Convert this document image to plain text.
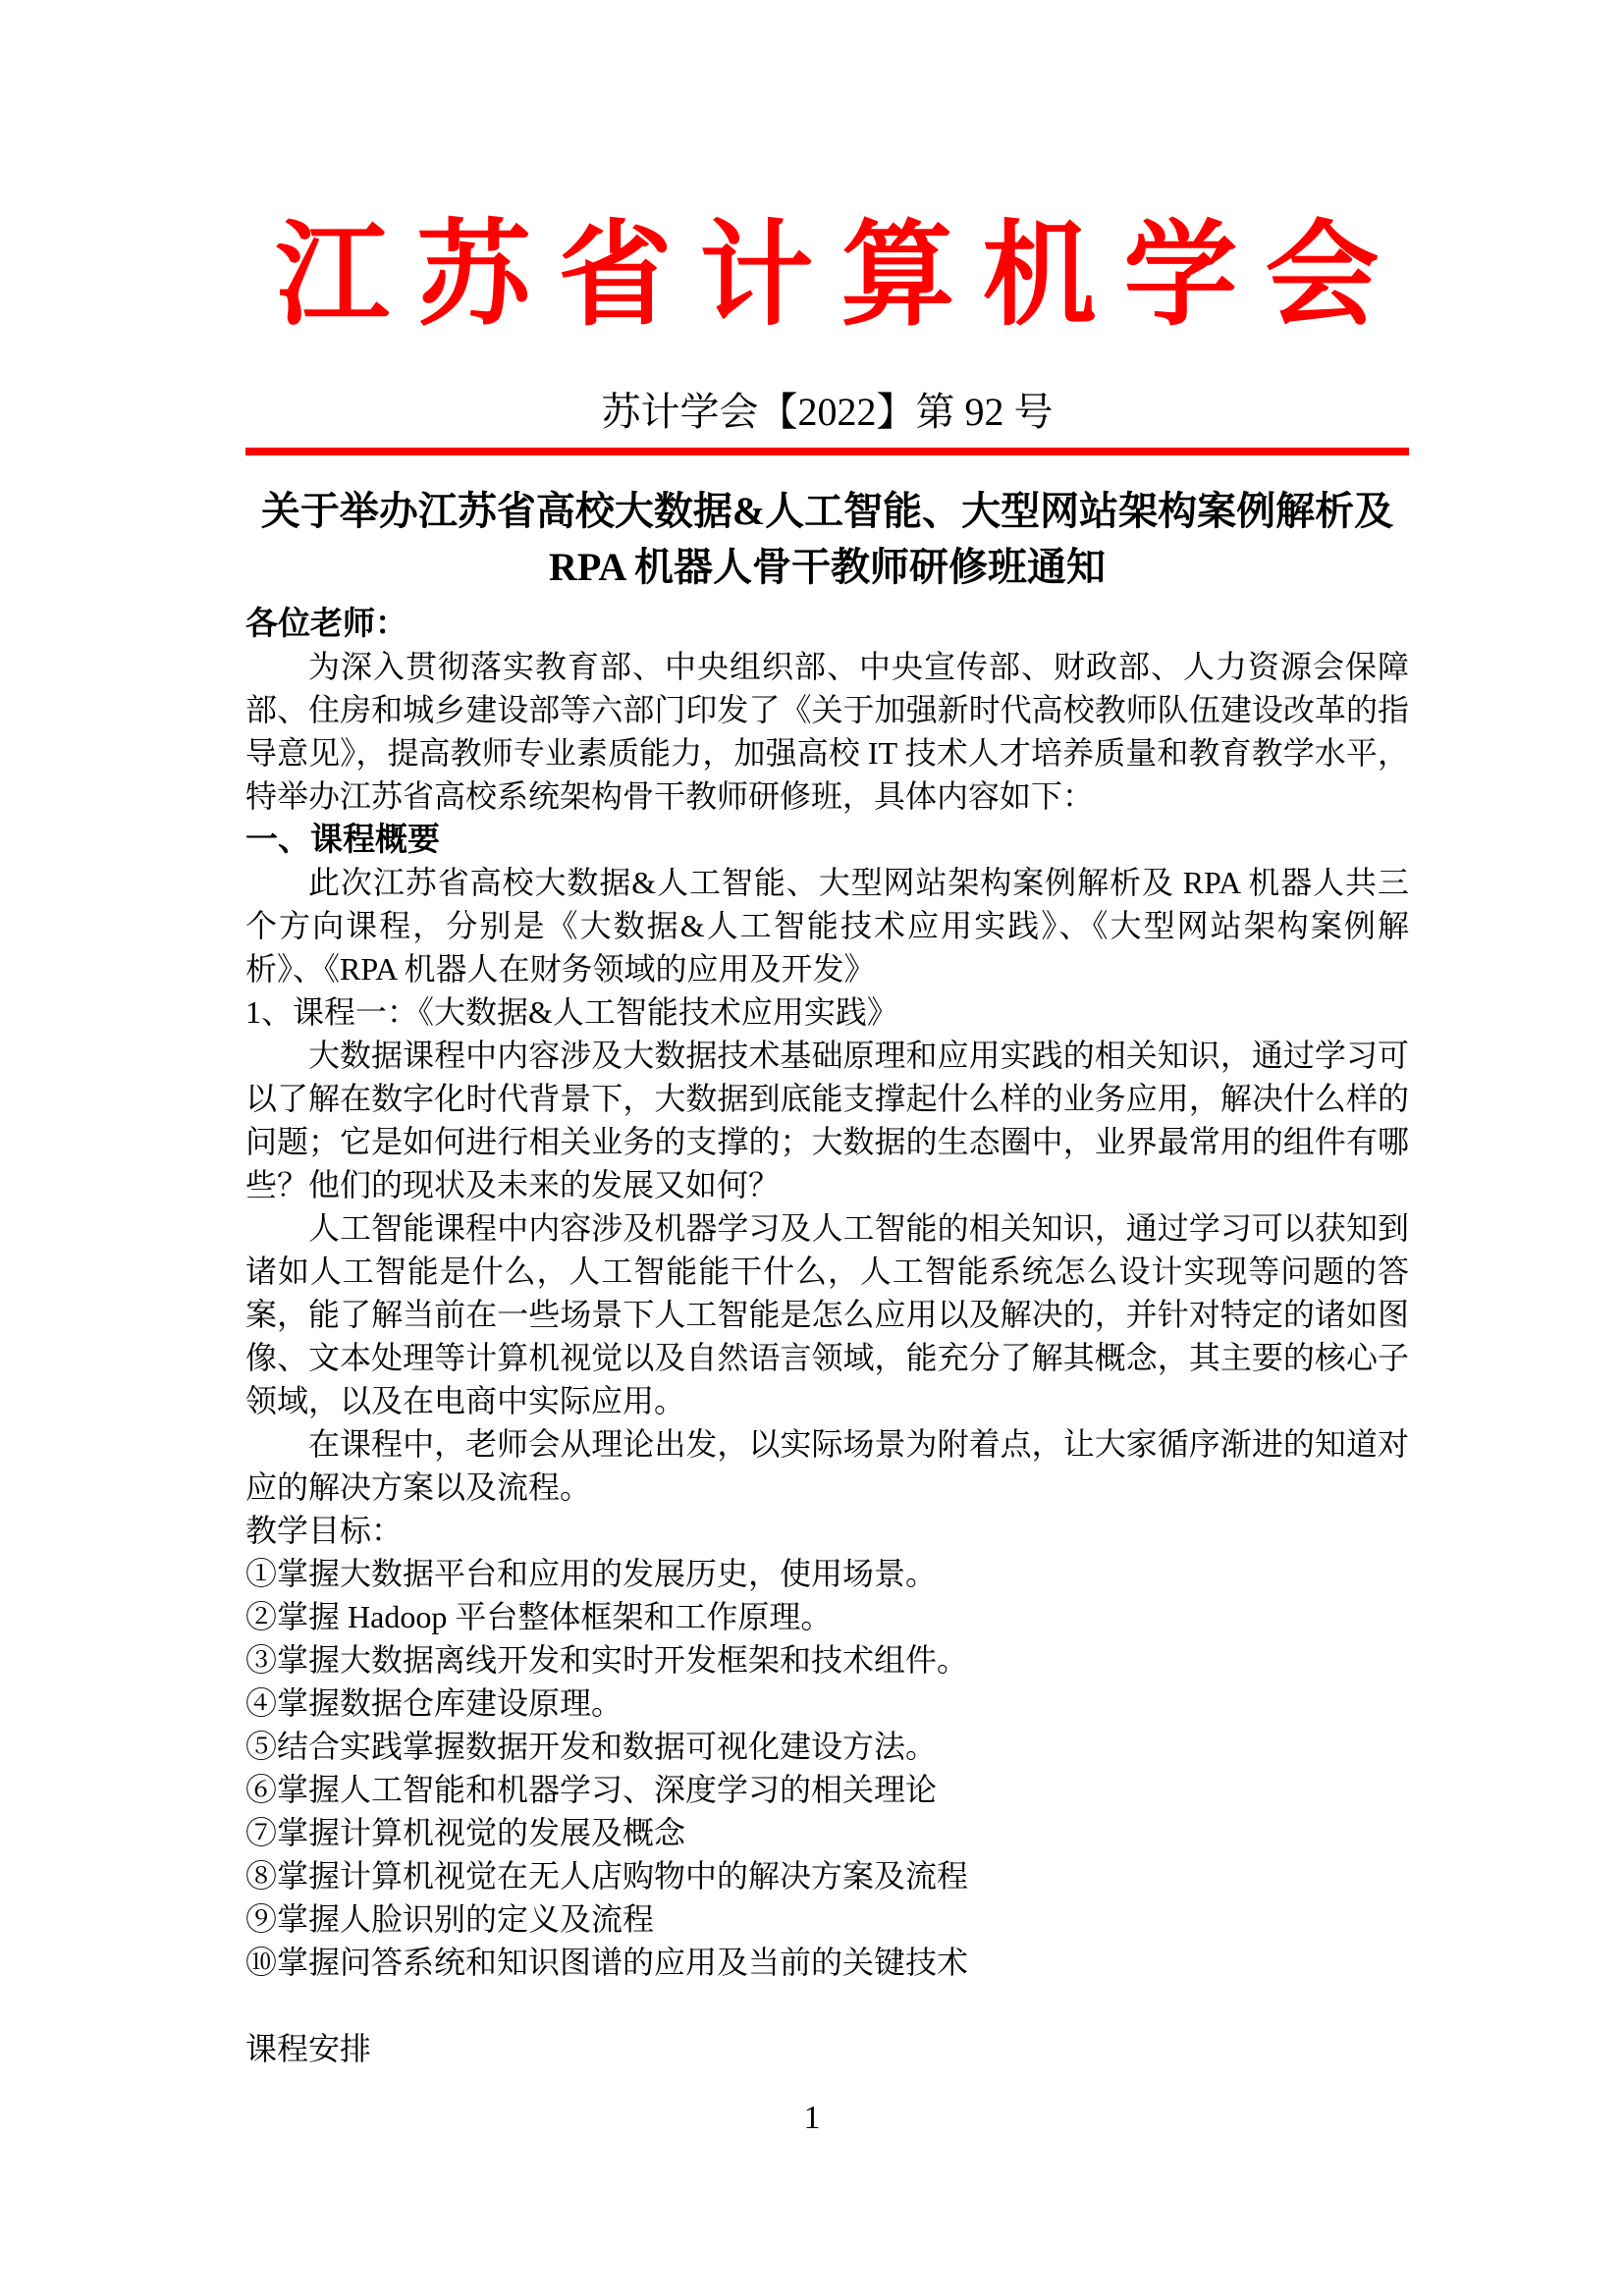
江苏省计算机学会
苏计学会【2022】第 92 号
关于举办江苏省高校大数据&人工智能、大型网站架构案例解析及
RPA 机器人骨干教师研修班通知
各位老师：

为深入贯彻落实教育部、中央组织部、中央宣传部、财政部、人力资源会保障部、住房和城乡建设部等六部门印发了《关于加强新时代高校教师队伍建设改革的指导意见》，提高教师专业素质能力，加强高校 IT 技术人才培养质量和教育教学水平，特举办江苏省高校系统架构骨干教师研修班，具体内容如下：

一、课程概要

此次江苏省高校大数据&人工智能、大型网站架构案例解析及 RPA 机器人共三个方向课程，分别是《大数据&人工智能技术应用实践》、《大型网站架构案例解析》、《RPA 机器人在财务领域的应用及开发》

1、课程一：《大数据&人工智能技术应用实践》

大数据课程中内容涉及大数据技术基础原理和应用实践的相关知识，通过学习可以了解在数字化时代背景下，大数据到底能支撑起什么样的业务应用，解决什么样的问题；它是如何进行相关业务的支撑的；大数据的生态圈中，业界最常用的组件有哪些？他们的现状及未来的发展又如何？

人工智能课程中内容涉及机器学习及人工智能的相关知识，通过学习可以获知到诸如人工智能是什么，人工智能能干什么，人工智能系统怎么设计实现等问题的答案，能了解当前在一些场景下人工智能是怎么应用以及解决的，并针对特定的诸如图像、文本处理等计算机视觉以及自然语言领域，能充分了解其概念，其主要的核心子领域，以及在电商中实际应用。

在课程中，老师会从理论出发，以实际场景为附着点，让大家循序渐进的知道对应的解决方案以及流程。

教学目标：
①掌握大数据平台和应用的发展历史，使用场景。
②掌握 Hadoop 平台整体框架和工作原理。
③掌握大数据离线开发和实时开发框架和技术组件。
④掌握数据仓库建设原理。
⑤结合实践掌握数据开发和数据可视化建设方法。
⑥掌握人工智能和机器学习、深度学习的相关理论
⑦掌握计算机视觉的发展及概念
⑧掌握计算机视觉在无人店购物中的解决方案及流程
⑨掌握人脸识别的定义及流程
⑩掌握问答系统和知识图谱的应用及当前的关键技术
课程安排
1
